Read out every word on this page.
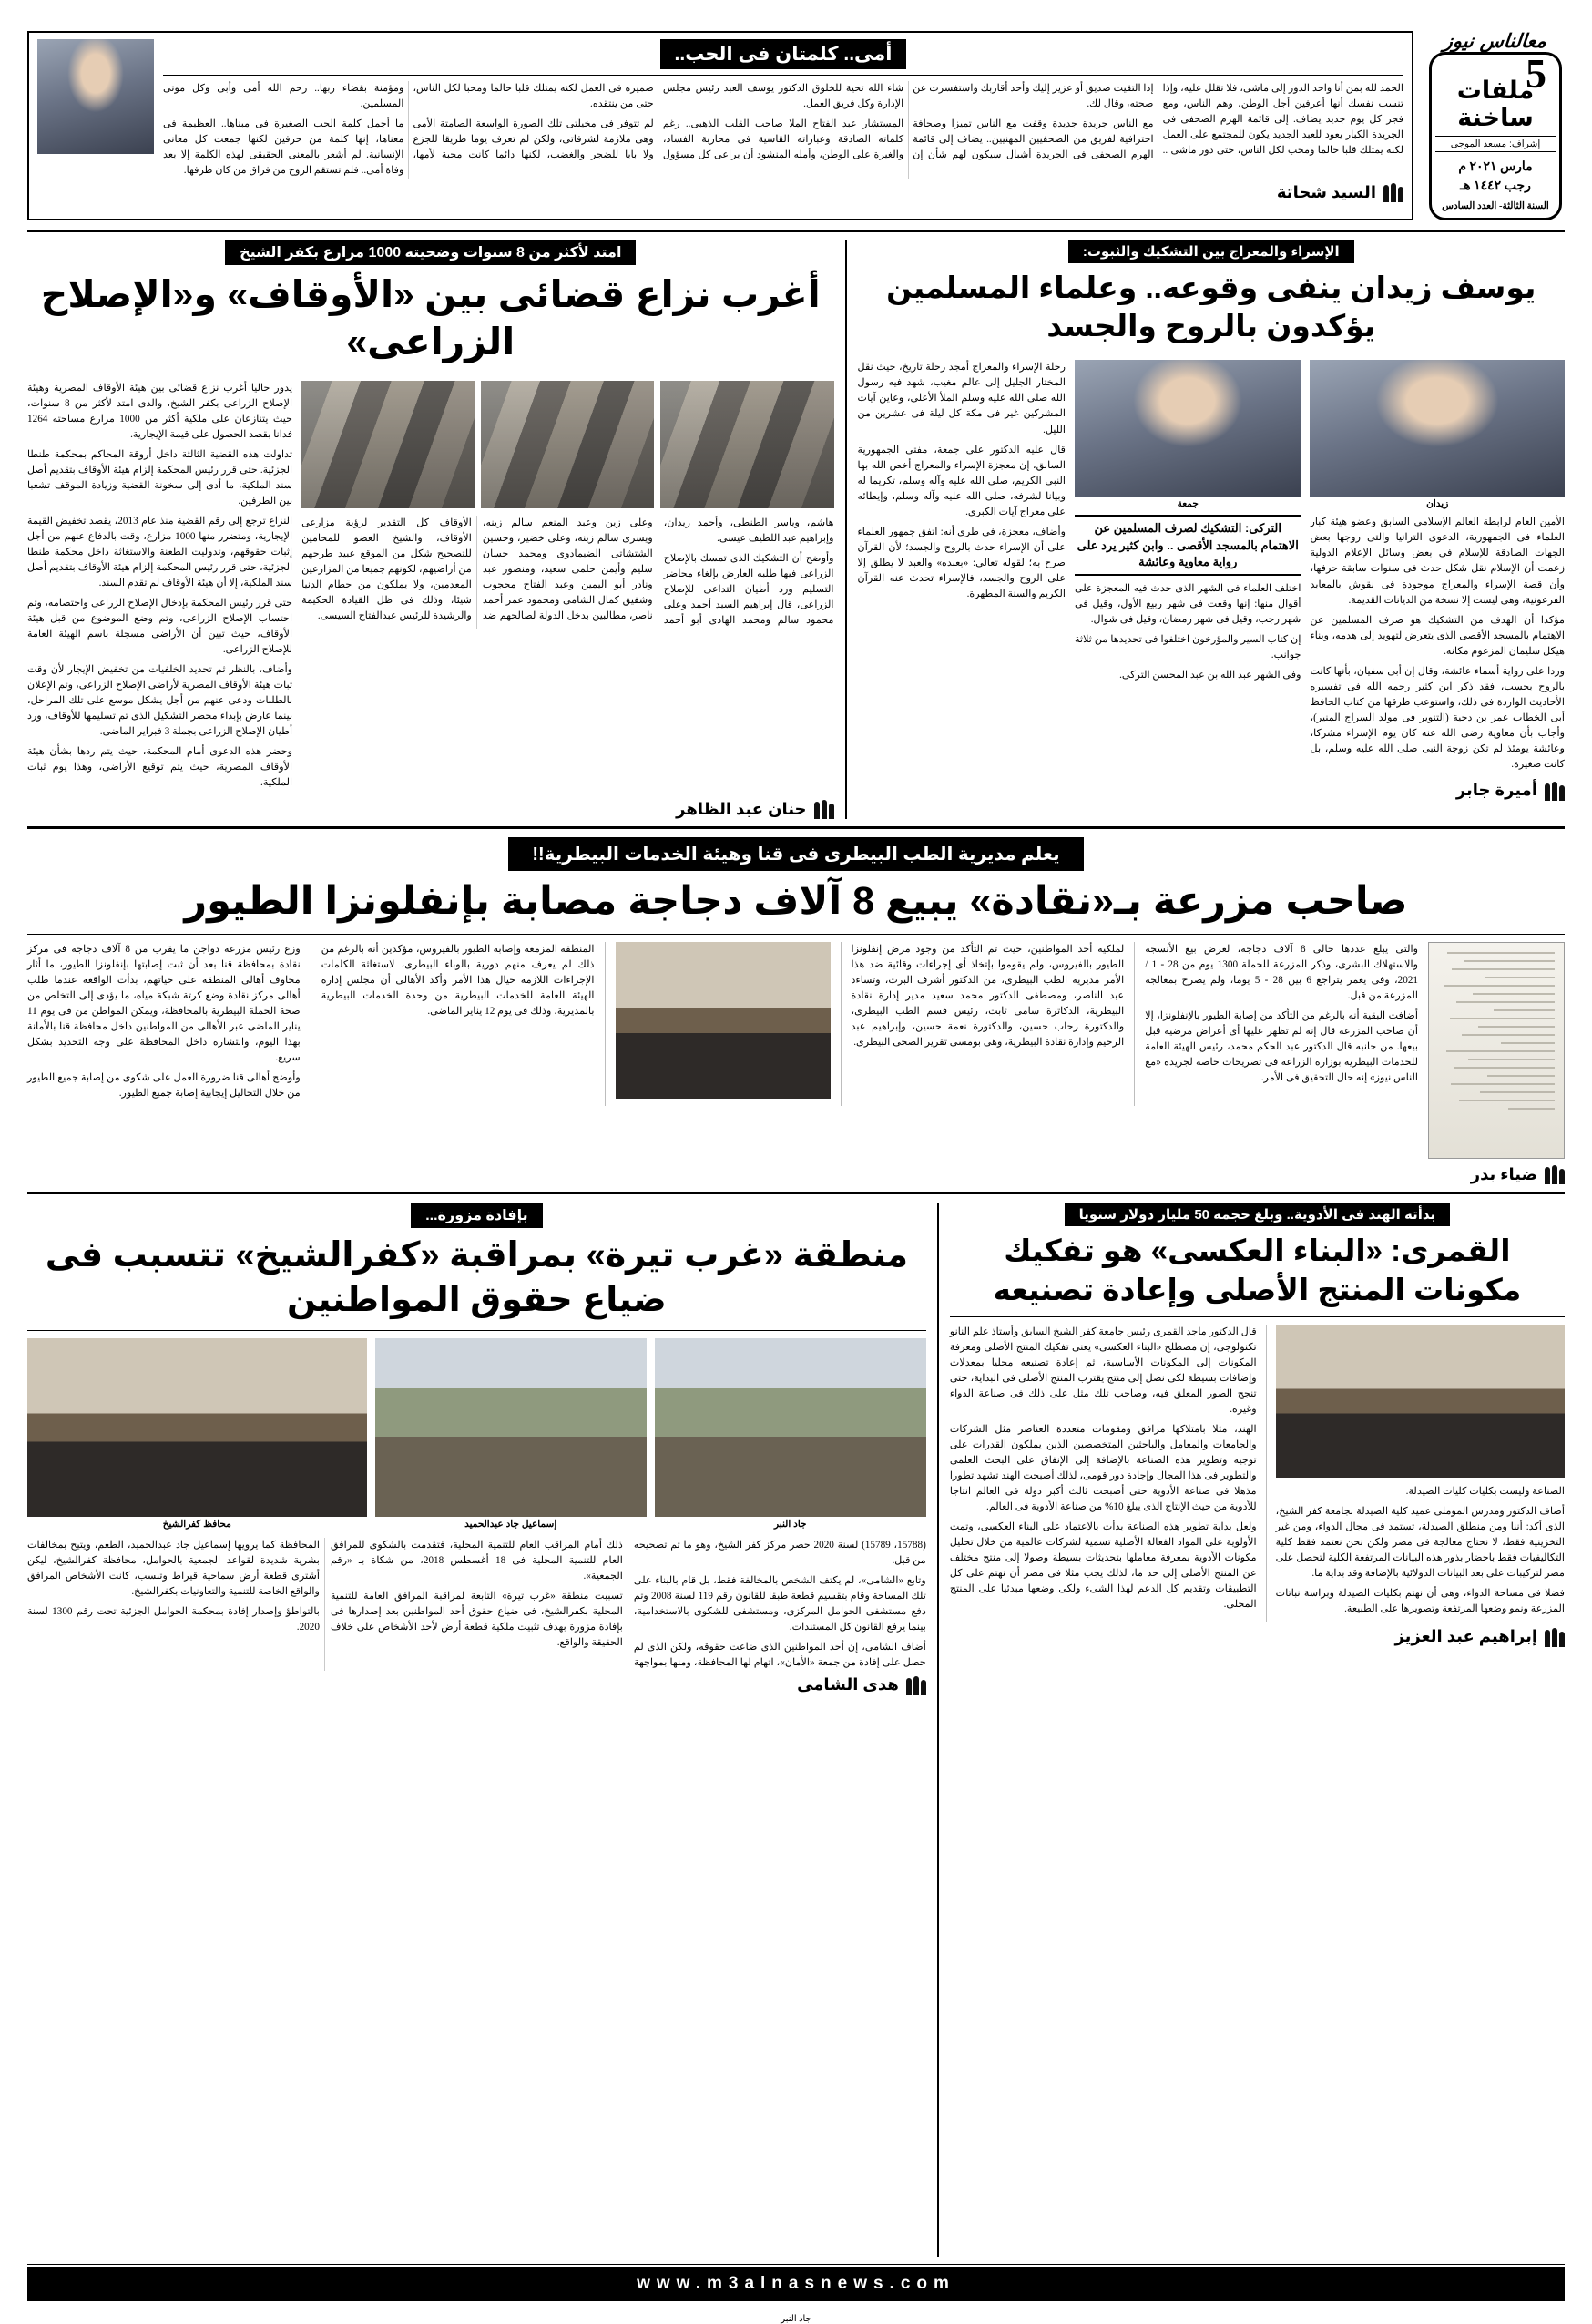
معالناس نيوز
5
ملفات ساخنة
إشراف: مسعد الموجى
مارس ٢٠٢١ م
رجب ١٤٤٢ هـ
السنة الثالثة- العدد السادس
أمى.. كلمتان فى الحب..

الحمد لله بمن أنا واحد الدور إلى ماشى، فلا تقلل عليه، وإذا تنسب نفسك أنها أعرفين أجل الوطن، وهم الناس، ومع فجر كل يوم جديد يضاف. إلى قائمة الهرم الصحفى فى الجريدة الكبار يعود للعبد الجديد يكون للمجتمع على العمل لكنه يمتلك قلبا حالما ومحب لكل الناس، حتى دور ماشى .. إذا التقيت صديق أو عزيز إليك وأحد أقاربك واستفسرت عن صحته، وقال لك.

مع الناس جريدة جديدة وقفت مع الناس تميزا وصحافة احترافية لفريق من الصحفيين المهنيين.. يضاف إلى قائمة الهرم الصحفى فى الجريدة أشبال سيكون لهم شأن إن شاء الله تحية للخلوق الدكتور يوسف العبد رئيس مجلس الإدارة وكل فريق العمل.

المستشار عبد الفتاح الملا صاحب القلب الذهبى.. رغم كلماته الصادقة وعباراته القاسية فى محاربة الفساد، والغيرة على الوطن، وأمله المنشود أن يراعى كل مسؤول ضميره فى العمل لكنه يمتلك قلبا حالما ومحبا لكل الناس، حتى من ينتقده.

لم تتوفر فى مخيلتى تلك الصورة الواسعة الصامتة الأمى وهى ملازمة لشرفاتى، ولكن لم تعرف يوما طريقا للجزع ولا بابا للضجر والغضب، لكنها دائما كانت محبة لأمها، ومؤمنة بقضاء ربها.. رحم الله أمى وأبى وكل موتى المسلمين.

ما أجمل كلمة الحب الصغيرة فى مبناها.. العظيمة فى معناها، إنها كلمة من حرفين لكنها جمعت كل معانى الإنسانية. لم أشعر بالمعنى الحقيقى لهذه الكلمة إلا بعد وفاة أمى.. فلم تستقم الروح من فراق من كان طرفها.

السيد شحاتة
الإسراء والمعراج بين التشكيك والثبوت:
يوسف زيدان ينفى وقوعه.. وعلماء المسلمين يؤكدون بالروح والجسد
زيدان

الأمين العام لرابطة العالم الإسلامى السابق وعضو هيئة كبار العلماء فى الجمهورية، الدعوى الترانيا والتى روجها بعض الجهات الصادقة للإسلام فى بعض وسائل الإعلام الدولية زعمت أن الإسلام نقل شكل حدث فى سنوات سابقة حرفها، وأن قصة الإسراء والمعراج موجودة فى نقوش بالمعابد الفرعونية، وهى ليست إلا نسخة من الديانات القديمة.

مؤكدا أن الهدف من التشكيك هو صرف المسلمين عن الاهتمام بالمسجد الأقصى الذى يتعرض لتهويد إلى هدمه، وبناء هيكل سليمان المزعوم مكانه.

وردا على رواية أسماء عائشة، وقال إن أبى سفيان، بأنها كانت بالروح بحسب، فقد ذكر ابن كثير رحمه الله فى تفسيره الأحاديث الواردة فى ذلك، واستوعب طرقها من كتاب الحافظ أبى الخطاب عمر بن دحية (التنوير فى مولد السراج المنير)، وأجاب بأن معاوية رضى الله عنه كان يوم الإسراء مشركا، وعائشة يومئذ لم تكن زوجة النبى صلى الله عليه وسلم، بل كانت صغيرة.

جمعة
التركى: التشكيك لصرف المسلمين عن الاهتمام بالمسجد الأقصى .. وابن كثير يرد على رواية معاوية وعائشة

اختلف العلماء فى الشهر الذى حدث فيه المعجزة على أقوال منها: إنها وقعت فى شهر ربيع الأول، وقيل فى شهر رجب، وقيل فى شهر رمضان، وقيل فى شوال.

إن كتاب السير والمؤرخون اختلفوا فى تحديدها من ثلاثة جوانب.

وفى الشهر عبد الله بن عبد المحسن التركى.

رحلة الإسراء والمعراج أمجد رحلة تاريخ، حيث نقل المختار الجليل إلى عالم مغيب، شهد فيه رسول الله صلى الله عليه وسلم الملأ الأعلى، وعاين آيات المشركين غير فى مكة كل ليلة فى عشرين من الليل.

قال عليه الدكتور على جمعة، مفتى الجمهورية السابق، إن معجزة الإسراء والمعراج أخص الله بها النبى الكريم، صلى الله عليه وآله وسلم، تكريما له وبيانا لشرفه، صلى الله عليه وآله وسلم، وإيطائه على معراج آيات الكبرى.

وأضاف، معجزة، فى ظرى أنه: اتفق جمهور العلماء على أن الإسراء حدث بالروح والجسد؛ لأن القرآن صرح به؛ لقوله تعالى: «بعبده» والعبد لا يطلق إلا على الروح والجسد، فالإسراء تحدث عنه القرآن الكريم والسنة المطهرة.

أميرة جابر
امتد لأكثر من 8 سنوات وضحيته 1000 مزارع بكفر الشيخ
أغرب نزاع قضائى بين «الأوقاف» و«الإصلاح الزراعى»

هاشم، وياسر الطنطى، وأحمد زيدان، وإبراهيم عبد اللطيف عيسى.

وأوضح أن التشكيك الذى تمسك بالإصلاح الزراعى فيها طلبه العارض بإلغاء محاضر التسليم ورد أطيان التداعى للإصلاح الزراعى، قال إبراهيم السيد أحمد وعلى محمود سالم ومحمد الهادى أبو أحمد وعلى زين وعبد المنعم سالم زينه، ويسرى سالم زينه، وعلى خضير، وحسين الشتشاتى الضيمادوى ومحمد حسان سليم وأيمن حلمى سعيد، ومنصور عبد ونادر أبو اليمين وعبد الفتاح محجوب وشفيق كمال الشامى ومحمود عمر أحمد ناصر، مطالبين بدخل الدولة لصالحهم ضد الأوقاف كل التقدير لرؤية مزارعى الأوقاف، والشيخ العضو للمحامين للتصحيح شكل من الموقع عبيد طرحهم من أراضيهم، لكونهم جميعا من المزارعين المعدمين، ولا يملكون من حطام الدنيا شيئا، وذلك فى ظل القيادة الحكيمة والرشيدة للرئيس عبدالفتاح السيسى.

يدور حاليا أغرب نزاع قضائى بين هيئة الأوقاف المصرية وهيئة الإصلاح الزراعى بكفر الشيخ، والذى امتد لأكثر من 8 سنوات، حيث يتنازعان على ملكية أكثر من 1000 مزارع مساحته 1264 فدانا بقصد الحصول على قيمة الإيجارية.

تداولت هذه القضية الثالثة داخل أروقة المحاكم بمحكمة طنطا الجزئية. حتى قرر رئيس المحكمة إلزام هيئة الأوقاف بتقديم أصل سند الملكية، ما أدى إلى سخونة القضية وزيادة الموقف تشعبا بين الطرفين.

النزاع ترجع إلى رقم القضية منذ عام 2013، يقصد تخفيض القيمة الإيجارية، ومتضرر منها 1000 مزارع، وقت بالدفاع عنهم من أجل إثبات حقوقهم، وتدوليت الطعنة والاستغاثة داخل محكمة طنطا الجزئية، حتى قرر رئيس المحكمة إلزام هيئة الأوقاف بتقديم أصل سند الملكية، إلا أن هيئة الأوقاف لم تقدم السند.

حتى قرر رئيس المحكمة بإدخال الإصلاح الزراعى واختصامه، وتم احتساب الإصلاح الزراعى، وتم وضع الموضوع من قبل هيئة الأوقاف، حيث تبين أن الأراضى مسجلة باسم الهيئة العامة للإصلاح الزراعى.

وأضاف، بالنظر ثم تحديد الخلفيات من تخفيض الإيجار لأن وقت ثبات هيئة الأوقاف المصرية لأراضى الإصلاح الزراعى، وتم الإعلان بالطلبات ودعى عنهم من أجل يشكل موسع على تلك المراحل، بينما عارض بإبداء محضر التشكيل الذى تم تسليمها للأوقاف، ورد أطيان الإصلاح الزراعى بجملة 3 فبراير الماضى.

وحضر هذه الدعوى أمام المحكمة، حيث يتم ردها بشأن هيئة الأوقاف المصرية، حيث يتم توقيع الأراضى، وهذا يوم ثبات الملكية.

حنان عبد الظاهر
يعلم مديرية الطب البيطرى فى قنا وهيئة الخدمات البيطرية!!
صاحب مزرعة بـ«نقادة» يبيع 8 آلاف دجاجة مصابة بإنفلونزا الطيور

والتى يبلغ عددها حالى 8 آلاف دجاجة، لغرض بيع الأنسجة والاستهلاك البشرى، وذكر المزرعة للحملة 1300 يوم من 28 - 1 / 2021، وفى يعمر يتراجع 6 بين 28 - 5 يوما، ولم يصرح بمعالجة المزرعة من قبل.

أضافت البقية أنه بالرغم من التأكد من إصابة الطيور بالإنفلونزا، إلا أن صاحب المزرعة قال إنه لم تظهر عليها أى أعراض مرضية قبل بيعها. من جانبه قال الدكتور عبد الحكم محمد، رئيس الهيئة العامة للخدمات البيطرية بوزارة الزراعة فى تصريحات خاصة لجريدة «مع الناس نيوز» إنه حال التحقيق فى الأمر.

لملكية أحد المواطنين، حيث تم التأكد من وجود مرض إنفلونزا الطيور بالفيروس، ولم يقوموا بإتخاذ أى إجراءات وقائية ضد هذا الأمر مديرية الطب البيطرى، من الدكتور أشرف البرت، وتساءد عبد الناصر، ومصطفى الدكتور محمد سعيد مدير إدارة نقادة البيطرية، الدكاترة سامى ثابت، رئيس قسم الطب البيطرى، والدكتورة رحاب حسين، والدكتورة نعمة حسين، وإبراهيم عبد الرحيم وإدارة نقادة البيطرية، وهى بومسى تقرير الصحى البيطرى.

المنطقة المزمعة وإصابة الطيور بالفيروس، مؤكدين أنه بالرغم من ذلك لم يعرف منهم دورية بالوباء البيطرى، لاستغاثة الكلمات الإجراءات اللازمة حيال هذا الأمر وأكد الأهالى أن مجلس إدارة الهيئة العامة للخدمات البيطرية من وحدة الخدمات البيطرية بالمديرية، وذلك فى يوم 12 يناير الماضى.

وزع رئيس مزرعة دواجن ما يقرب من 8 آلاف دجاجة فى مركز نقادة بمحافظة قنا بعد أن ثبت إصابتها بإنفلونزا الطيور، ما أثار مخاوف أهالى المنطقة على حياتهم، بدأت الواقعة عندما طلب أهالى مركز نقادة وضع كرتة شبكة مياه، ما يؤدى إلى التخلص من صحة الحملة البيطرية بالمحافظة، ويمكن المواطن من فى يوم 11 يناير الماضى عبر الأهالى من المواطنين داخل محافظة قنا بالأمانة بهذا اليوم، وانتشاره داخل المحافظة على وجه التحديد بشكل سريع.

وأوضح أهالى قنا ضرورة العمل على شكوى من إصابة جميع الطيور من خلال التحاليل إيجابية إصابة جميع الطيور.

ضياء بدر
بدأته الهند فى الأدوية.. وبلغ حجمه 50 مليار دولار سنويا
القمرى: «البناء العكسى» هو تفكيك مكونات المنتج الأصلى وإعادة تصنيعه

الصناعة وليست بكليات كليات الصيدلة.

أضاف الدكتور ومدرس الموملى عميد كلية الصيدلة بجامعة كفر الشيخ، الذى أكد: أننا ومن منطلق الصيدلة، تستمد فى مجال الدواء، ومن غير التخزينية فقط، لا نحتاج معالجة فى مصر ولكن نحن نعتمد فقط كلية التكاليفيات فقط باحضار بذور هذه البيانات المرتفعة الكلية لتحصل على مصر لتركيبات على بعد البيانات الدولائية بالإضافة وقد بداية ما.

فضلا فى مساحة الدواء، وهى أن نهتم بكليات الصيدلة وبراسة نباتات المزرعة ونمو وضعها المرتفعة وتصويرها على الطبيعة.

قال الدكتور ماجد القمرى رئيس جامعة كفر الشيخ السابق وأستاذ علم النانو تكنولوجى، إن مصطلح «البناء العكسى» يعنى تفكيك المنتج الأصلى ومعرفة المكونات إلى المكونات الأساسية، ثم إعادة تصنيعه محليا بمعدلات وإضافات بسيطة لكى نصل إلى منتج يقترب المنتج الأصلى فى البداية، حتى تنجح الصور المعلق فيه، وصاحب تلك مثل على ذلك فى صناعة الدواء وغيره.

الهند، مثلا بامتلاكها مرافق ومقومات متعددة العناصر مثل الشركات والجامعات والمعامل والباحثين المتخصصين الذين يملكون القدرات على توجيه وتطوير هذه الصناعة بالإضافة إلى الإنفاق على البحث العلمى والتطوير فى هذا المجال وإجادة دور قومى، لذلك أصبحت الهند تشهد تطورا مذهلا فى صناعة الأدوية حتى أصبحت ثالث أكبر دولة فى العالم انتاجا للأدوية من حيث الإنتاج الذى يبلغ 10% من صناعة الأدوية فى العالم.

ولعل بداية تطوير هذه الصناعة بدأت بالاعتماد على البناء العكسى، وتمت الأولوية على المواد الفعالة الأصلية تسمية لشركات عالمية من خلال تحليل مكونات الأدوية بمعرفة معاملها بتحديثات بسيطة وصولا إلى منتج مختلف عن المنتج الأصلى إلى حد ما، لذلك يجب مثلا فى مصر أن نهتم على كل التطبيقات وتقديم كل الدعم لهذا الشىء ولكى وضعها مبدئيا على المنتج المحلى.

إبراهيم عبد العزيز
بإفادة مزورة...
منطقة «غرب تيرة» بمراقبة «كفرالشيخ» تتسبب فى ضياع حقوق المواطنين
جاد النبر
إسماعيل جاد عبدالحميد
محافظ كفرالشيخ

(15788، 15789) لسنة 2020 حصر مركز كفر الشيخ، وهو ما تم تصحيحه من قبل.

وتابع «الشامى»، لم يكتف الشخص بالمخالفة فقط، بل قام بالبناء على تلك المساحة وقام بتقسيم قطعة طبقا للقانون رقم 119 لسنة 2008 وتم دفع مستشفى الحوامل المركزى، ومستشفى للشكوى بالاستخدامية، بينما يرفع القانون كل المستندات.

أضاف الشامى، إن أحد المواطنين الذى ضاعت حقوقه، ولكن الذى لم حصل على إفادة من جمعة «الأمان»، اتهام لها المحافظة، ومنها بمواجهة ذلك أمام المراقب العام للتنمية المحلية، فتقدمت بالشكوى للمرافق العام للتنمية المحلية فى 18 أغسطس 2018، من شكاة بـ «رقم الجمعية».

تسببت منطقة «غرب تيرة» التابعة لمراقبة المرافق العامة للتنمية المحلية بكفرالشيخ، فى ضياع حقوق أحد المواطنين بعد إصدارها فى بإفادة مزورة بهدف تثبيت ملكية قطعة أرض لأحد الأشخاص على خلاف الحقيقة والواقع.

المحافظة كما يرويها إسماعيل جاد عبدالحميد، الطعم، ويتيح بمخالفات بشرية شديدة لقواعد الجمعية بالحوامل، محافظة كفرالشيخ، ليكن أشترى قطعة أرض سماحية قيراط وتنسب، كانت الأشخاص المرافق والواقع الخاصة للتنمية والتعاونيات بكفرالشيخ.

بالتواطؤ وإصدار إفادة بمحكمة الحوامل الجزئية تحت رقم 1300 لسنة 2020.

هدى الشامى
www.m3alnasnews.com
جاد النبر
